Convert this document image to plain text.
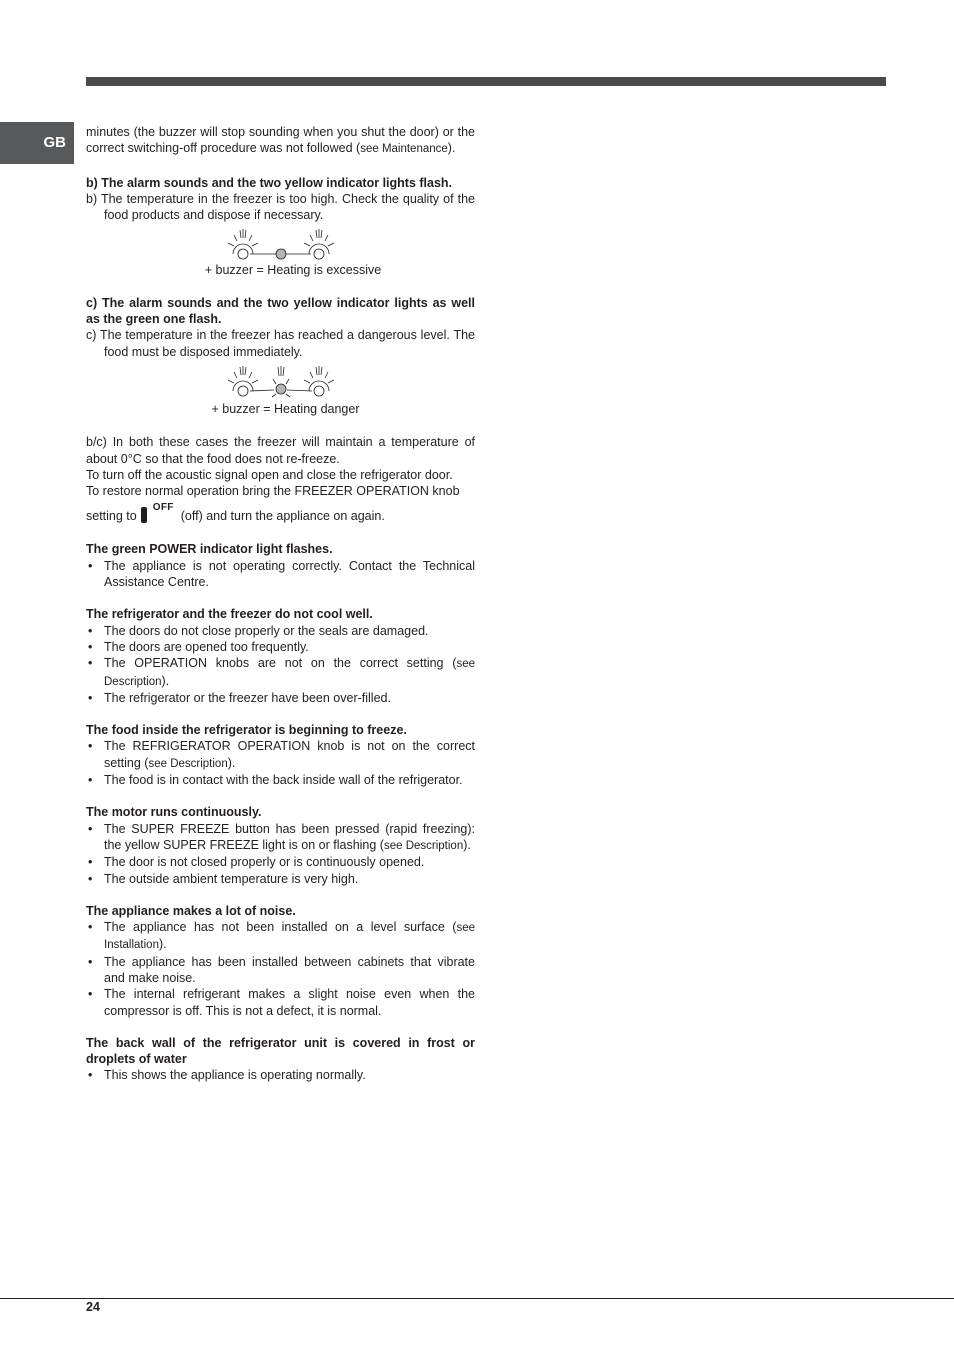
GB

minutes (the buzzer will stop sounding when you shut the door) or the correct switching-off procedure was not followed (see Maintenance).

b) The alarm sounds and the two yellow indicator lights flash.

b) The temperature in the freezer is too high. Check the quality of the food products and dispose if necessary.

+ buzzer = Heating is excessive

c) The alarm sounds and the two yellow indicator lights as well as the green one flash.

c) The temperature in the freezer has reached a dangerous level. The food must be disposed immediately.

+ buzzer = Heating danger

b/c) In both these cases the freezer will maintain a temperature of about 0°C so that the food does not re-freeze.

To turn off the acoustic signal open and close the refrigerator door.

To restore normal operation bring the FREEZER OPERATION knob

setting to
OFF
(off) and turn the appliance on again.

The green POWER indicator light flashes.

• The appliance is not operating correctly. Contact the Technical Assistance Centre.

The refrigerator and the freezer do not cool well.

• The doors do not close properly or the seals are damaged.
• The doors are opened too frequently.
• The OPERATION knobs are not on the correct setting (see Description).
• The refrigerator or the freezer have been over-filled.

The food inside the refrigerator is beginning to freeze.

• The REFRIGERATOR OPERATION knob is not on the correct setting (see Description).
• The food is in contact with the back inside wall of the refrigerator.

The motor runs continuously.

• The SUPER FREEZE button has been pressed (rapid freezing): the yellow SUPER FREEZE light is on or flashing (see Description).
• The door is not closed properly or is continuously opened.
• The outside ambient temperature is very high.

The appliance makes a lot of noise.

• The appliance has not been installed on a level surface (see Installation).
• The appliance has been installed between cabinets that vibrate and make noise.
• The internal refrigerant makes a slight noise even when the compressor is off. This is not a defect, it is normal.

The back wall of the refrigerator unit is covered in frost or droplets of water

• This shows the appliance is operating normally.
24
